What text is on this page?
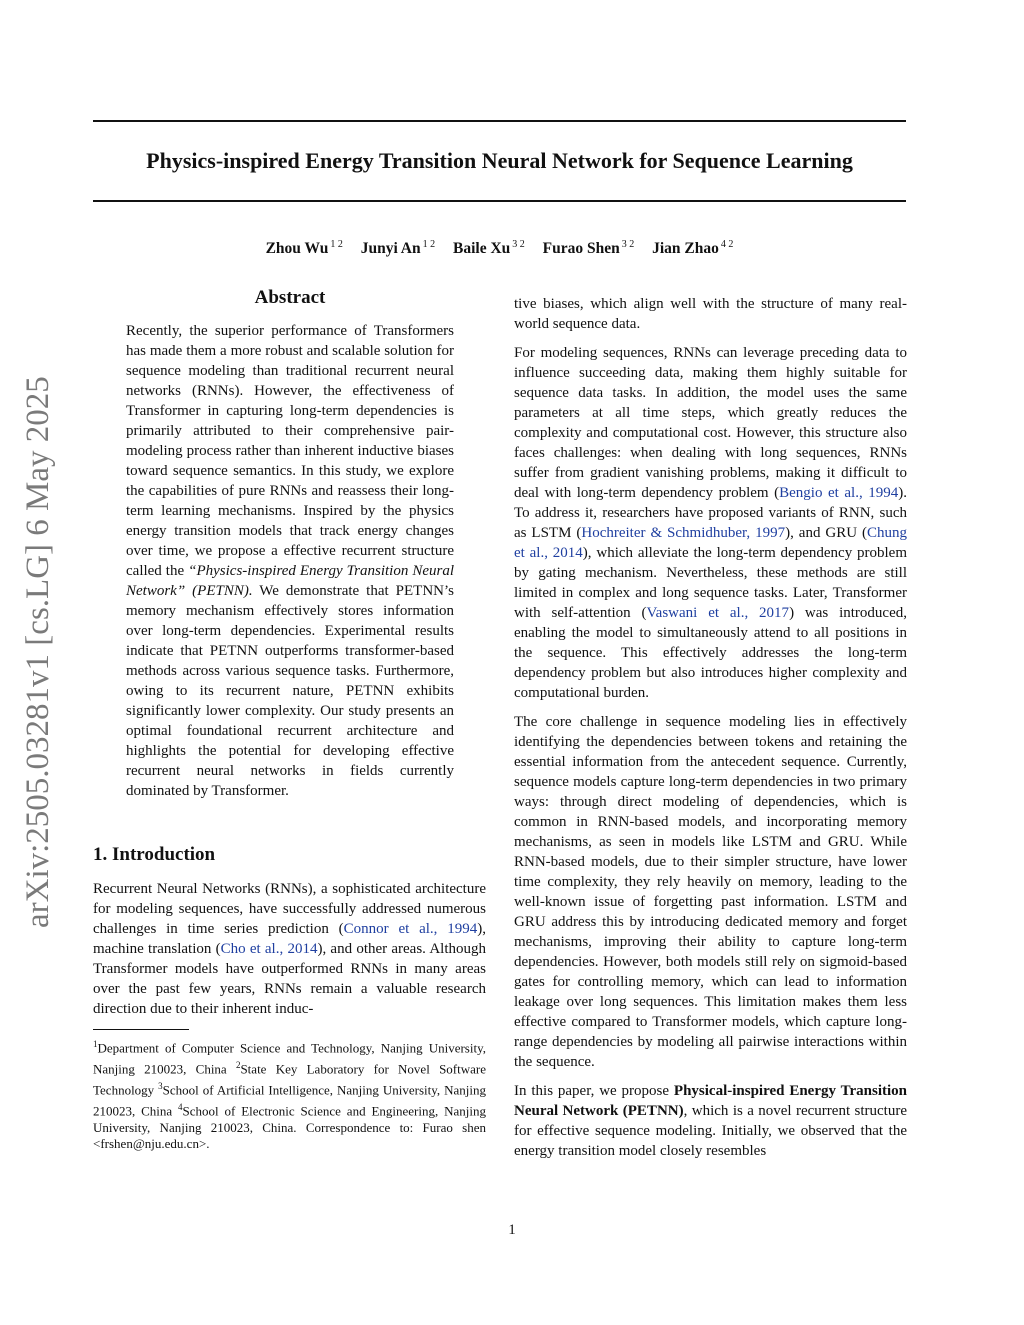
Physics-inspired Energy Transition Neural Network for Sequence Learning
Zhou Wu $^{1 2}$ Junyi An $^{1 2}$ Baile Xu $^{3 2}$ Furao Shen $^{3 2}$ Jian Zhao $^{4 2}$
arXiv:2505.03281v1 [cs.LG] 6 May 2025
Abstract

Recently, the superior performance of Transformers has made them a more robust and scalable solution for sequence modeling than traditional recurrent neural networks (RNNs). However, the effectiveness of Transformer in capturing long-term dependencies is primarily attributed to their comprehensive pair-modeling process rather than inherent inductive biases toward sequence semantics. In this study, we explore the capabilities of pure RNNs and reassess their long-term learning mechanisms. Inspired by the physics energy transition models that track energy changes over time, we propose a effective recurrent structure called the “Physics-inspired Energy Transition Neural Network” (PETNN). We demonstrate that PETNN’s memory mechanism effectively stores information over long-term dependencies. Experimental results indicate that PETNN outperforms transformer-based methods across various sequence tasks. Furthermore, owing to its recurrent nature, PETNN exhibits significantly lower complexity. Our study presents an optimal foundational recurrent architecture and highlights the potential for developing effective recurrent neural networks in fields currently dominated by Transformer.

1. Introduction

Recurrent Neural Networks (RNNs), a sophisticated architecture for modeling sequences, have successfully addressed numerous challenges in time series prediction (Connor et al., 1994), machine translation (Cho et al., 2014), and other areas. Although Transformer models have outperformed RNNs in many areas over the past few years, RNNs remain a valuable research direction due to their inherent induc-

$^1$Department of Computer Science and Technology, Nanjing University, Nanjing 210023, China $^2$State Key Laboratory for Novel Software Technology $^3$School of Artificial Intelligence, Nanjing University, Nanjing 210023, China $^4$School of Electronic Science and Engineering, Nanjing University, Nanjing 210023, China. Correspondence to: Furao shen <frshen@nju.edu.cn>.

tive biases, which align well with the structure of many real-world sequence data.

For modeling sequences, RNNs can leverage preceding data to influence succeeding data, making them highly suitable for sequence data tasks. In addition, the model uses the same parameters at all time steps, which greatly reduces the complexity and computational cost. However, this structure also faces challenges: when dealing with long sequences, RNNs suffer from gradient vanishing problems, making it difficult to deal with long-term dependency problem (Bengio et al., 1994). To address it, researchers have proposed variants of RNN, such as LSTM (Hochreiter & Schmidhuber, 1997), and GRU (Chung et al., 2014), which alleviate the long-term dependency problem by gating mechanism. Nevertheless, these methods are still limited in complex and long sequence tasks. Later, Transformer with self-attention (Vaswani et al., 2017) was introduced, enabling the model to simultaneously attend to all positions in the sequence. This effectively addresses the long-term dependency problem but also introduces higher complexity and computational burden.

The core challenge in sequence modeling lies in effectively identifying the dependencies between tokens and retaining the essential information from the antecedent sequence. Currently, sequence models capture long-term dependencies in two primary ways: through direct modeling of dependencies, which is common in RNN-based models, and incorporating memory mechanisms, as seen in models like LSTM and GRU. While RNN-based models, due to their simpler structure, have lower time complexity, they rely heavily on memory, leading to the well-known issue of forgetting past information. LSTM and GRU address this by introducing dedicated memory and forget mechanisms, improving their ability to capture long-term dependencies. However, both models still rely on sigmoid-based gates for controlling memory, which can lead to information leakage over long sequences. This limitation makes them less effective compared to Transformer models, which capture long-range dependencies by modeling all pairwise interactions within the sequence.

In this paper, we propose Physical-inspired Energy Transition Neural Network (PETNN), which is a novel recurrent structure for effective sequence modeling. Initially, we observed that the energy transition model closely resembles

1
